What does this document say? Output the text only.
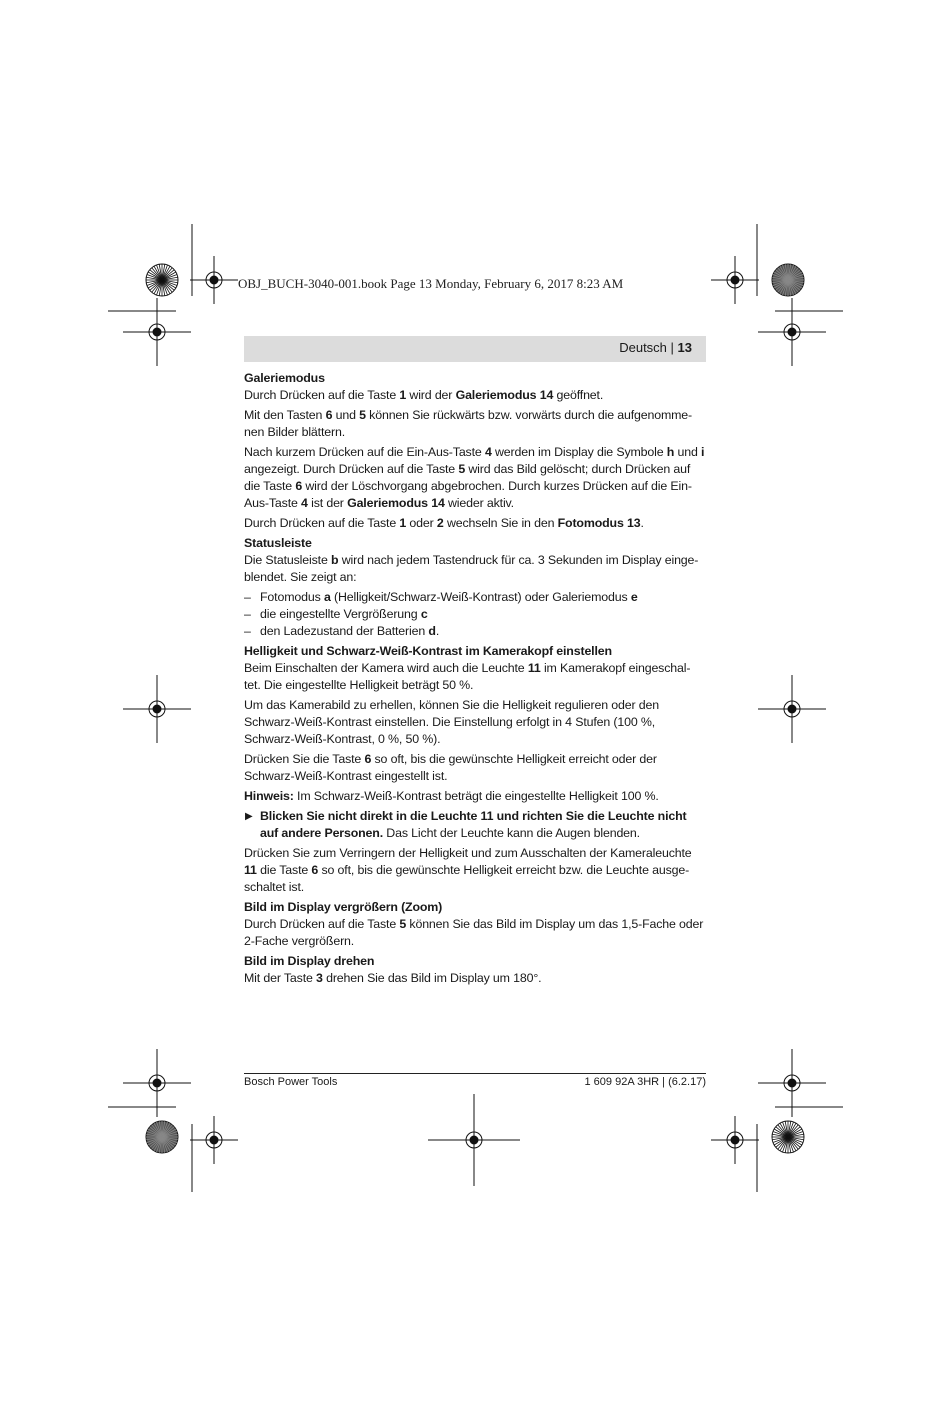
OBJ_BUCH-3040-001.book Page 13 Monday, February 6, 2017 8:23 AM
Deutsch | 13
Galeriemodus

Durch Drücken auf die Taste 1 wird der Galeriemodus 14 geöffnet.

Mit den Tasten 6 und 5 können Sie rückwärts bzw. vorwärts durch die aufgenomme-nen Bilder blättern.

Nach kurzem Drücken auf die Ein-Aus-Taste 4 werden im Display die Symbole h und i angezeigt. Durch Drücken auf die Taste 5 wird das Bild gelöscht; durch Drücken auf die Taste 6 wird der Löschvorgang abgebrochen. Durch kurzes Drücken auf die Ein-Aus-Taste 4 ist der Galeriemodus 14 wieder aktiv.

Durch Drücken auf die Taste 1 oder 2 wechseln Sie in den Fotomodus 13.

Statusleiste

Die Statusleiste b wird nach jedem Tastendruck für ca. 3 Sekunden im Display einge-blendet. Sie zeigt an:

– Fotomodus a (Helligkeit/Schwarz-Weiß-Kontrast) oder Galeriemodus e
– die eingestellte Vergrößerung c
– den Ladezustand der Batterien d.
Helligkeit und Schwarz-Weiß-Kontrast im Kamerakopf einstellen

Beim Einschalten der Kamera wird auch die Leuchte 11 im Kamerakopf eingeschal-tet. Die eingestellte Helligkeit beträgt 50 %.

Um das Kamerabild zu erhellen, können Sie die Helligkeit regulieren oder den Schwarz-Weiß-Kontrast einstellen. Die Einstellung erfolgt in 4 Stufen (100 %, Schwarz-Weiß-Kontrast, 0 %, 50 %).

Drücken Sie die Taste 6 so oft, bis die gewünschte Helligkeit erreicht oder der Schwarz-Weiß-Kontrast eingestellt ist.

Hinweis: Im Schwarz-Weiß-Kontrast beträgt die eingestellte Helligkeit 100 %.

▶ Blicken Sie nicht direkt in die Leuchte 11 und richten Sie die Leuchte nicht auf andere Personen. Das Licht der Leuchte kann die Augen blenden.

Drücken Sie zum Verringern der Helligkeit und zum Ausschalten der Kameraleuchte 11 die Taste 6 so oft, bis die gewünschte Helligkeit erreicht bzw. die Leuchte ausge-schaltet ist.

Bild im Display vergrößern (Zoom)

Durch Drücken auf die Taste 5 können Sie das Bild im Display um das 1,5-Fache oder 2-Fache vergrößern.

Bild im Display drehen

Mit der Taste 3 drehen Sie das Bild im Display um 180°.

Bosch Power Tools	1 609 92A 3HR | (6.2.17)
